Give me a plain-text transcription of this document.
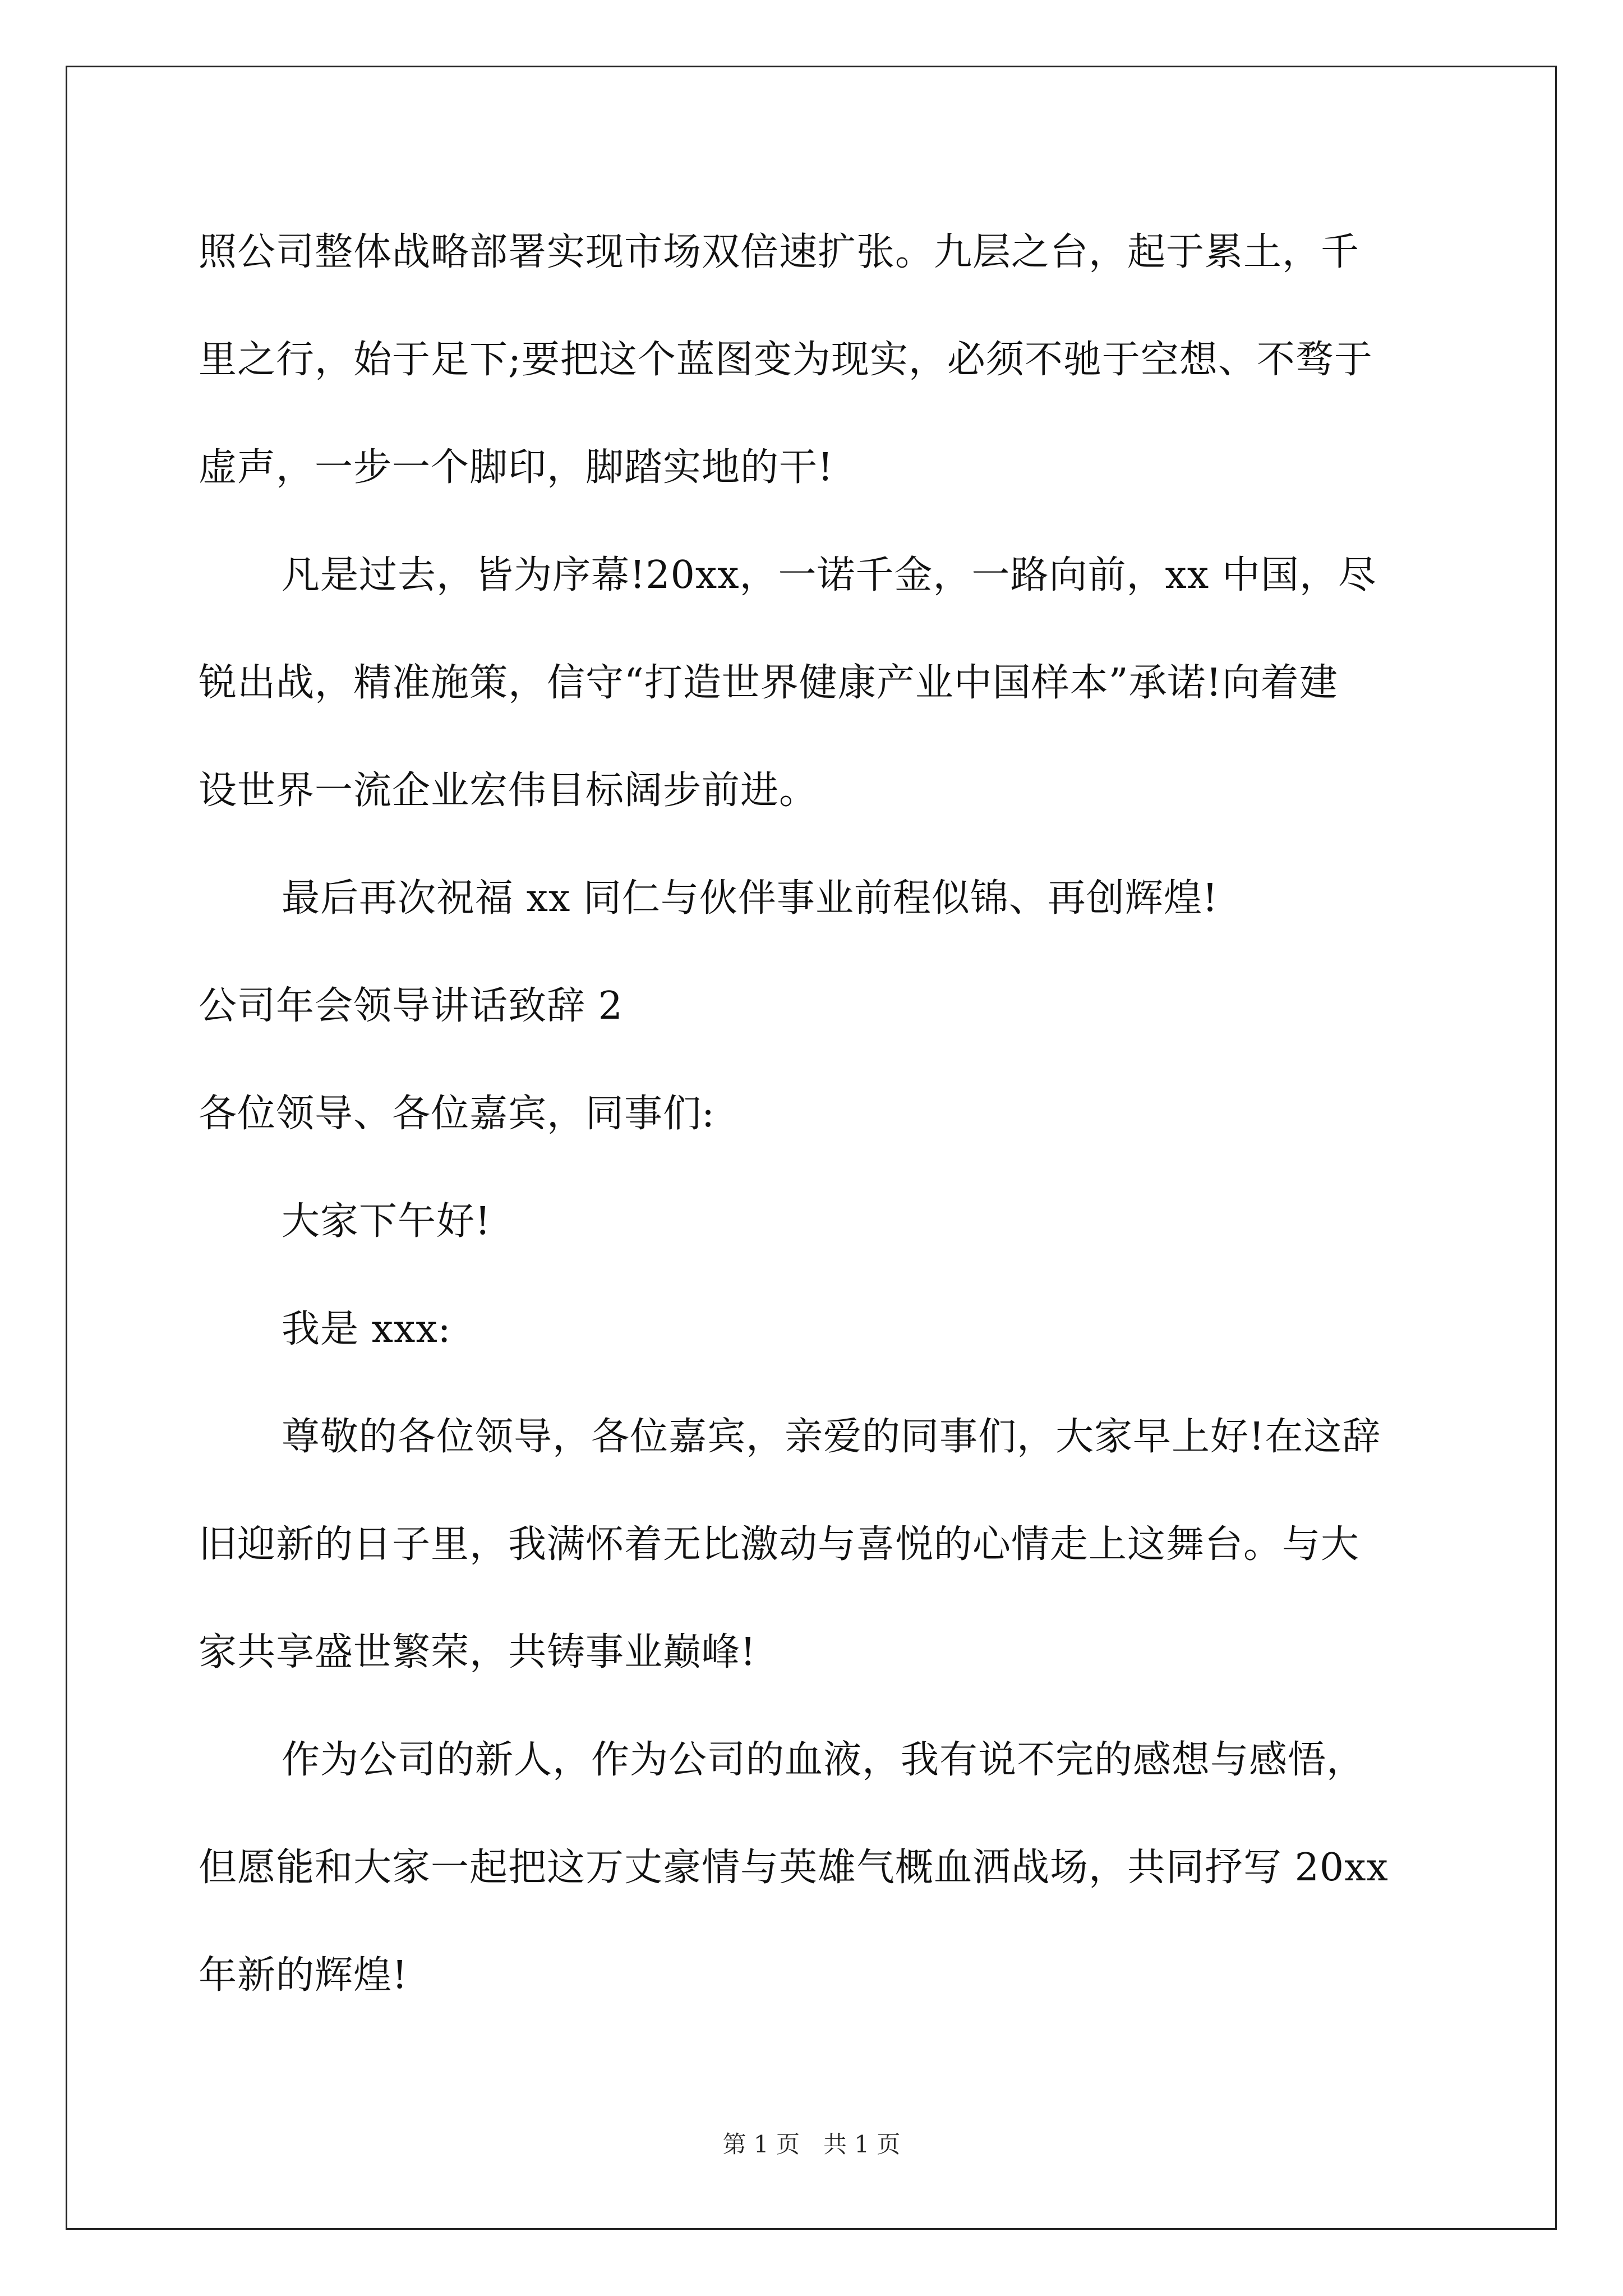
照公司整体战略部署实现市场双倍速扩张。九层之台，起于累土，千

里之行，始于足下;要把这个蓝图变为现实，必须不驰于空想、不骛于

虚声，一步一个脚印，脚踏实地的干!

凡是过去，皆为序幕!20xx，一诺千金，一路向前，xx 中国，尽

锐出战，精准施策，信守“打造世界健康产业中国样本”承诺!向着建

设世界一流企业宏伟目标阔步前进。

最后再次祝福 xx 同仁与伙伴事业前程似锦、再创辉煌!

公司年会领导讲话致辞 2

各位领导、各位嘉宾，同事们:

大家下午好!

我是 xxx:

尊敬的各位领导，各位嘉宾，亲爱的同事们，大家早上好!在这辞

旧迎新的日子里，我满怀着无比激动与喜悦的心情走上这舞台。与大

家共享盛世繁荣，共铸事业巅峰!

作为公司的新人，作为公司的血液，我有说不完的感想与感悟，

但愿能和大家一起把这万丈豪情与英雄气概血洒战场，共同抒写 20xx

年新的辉煌!

第 1 页　共 1 页
